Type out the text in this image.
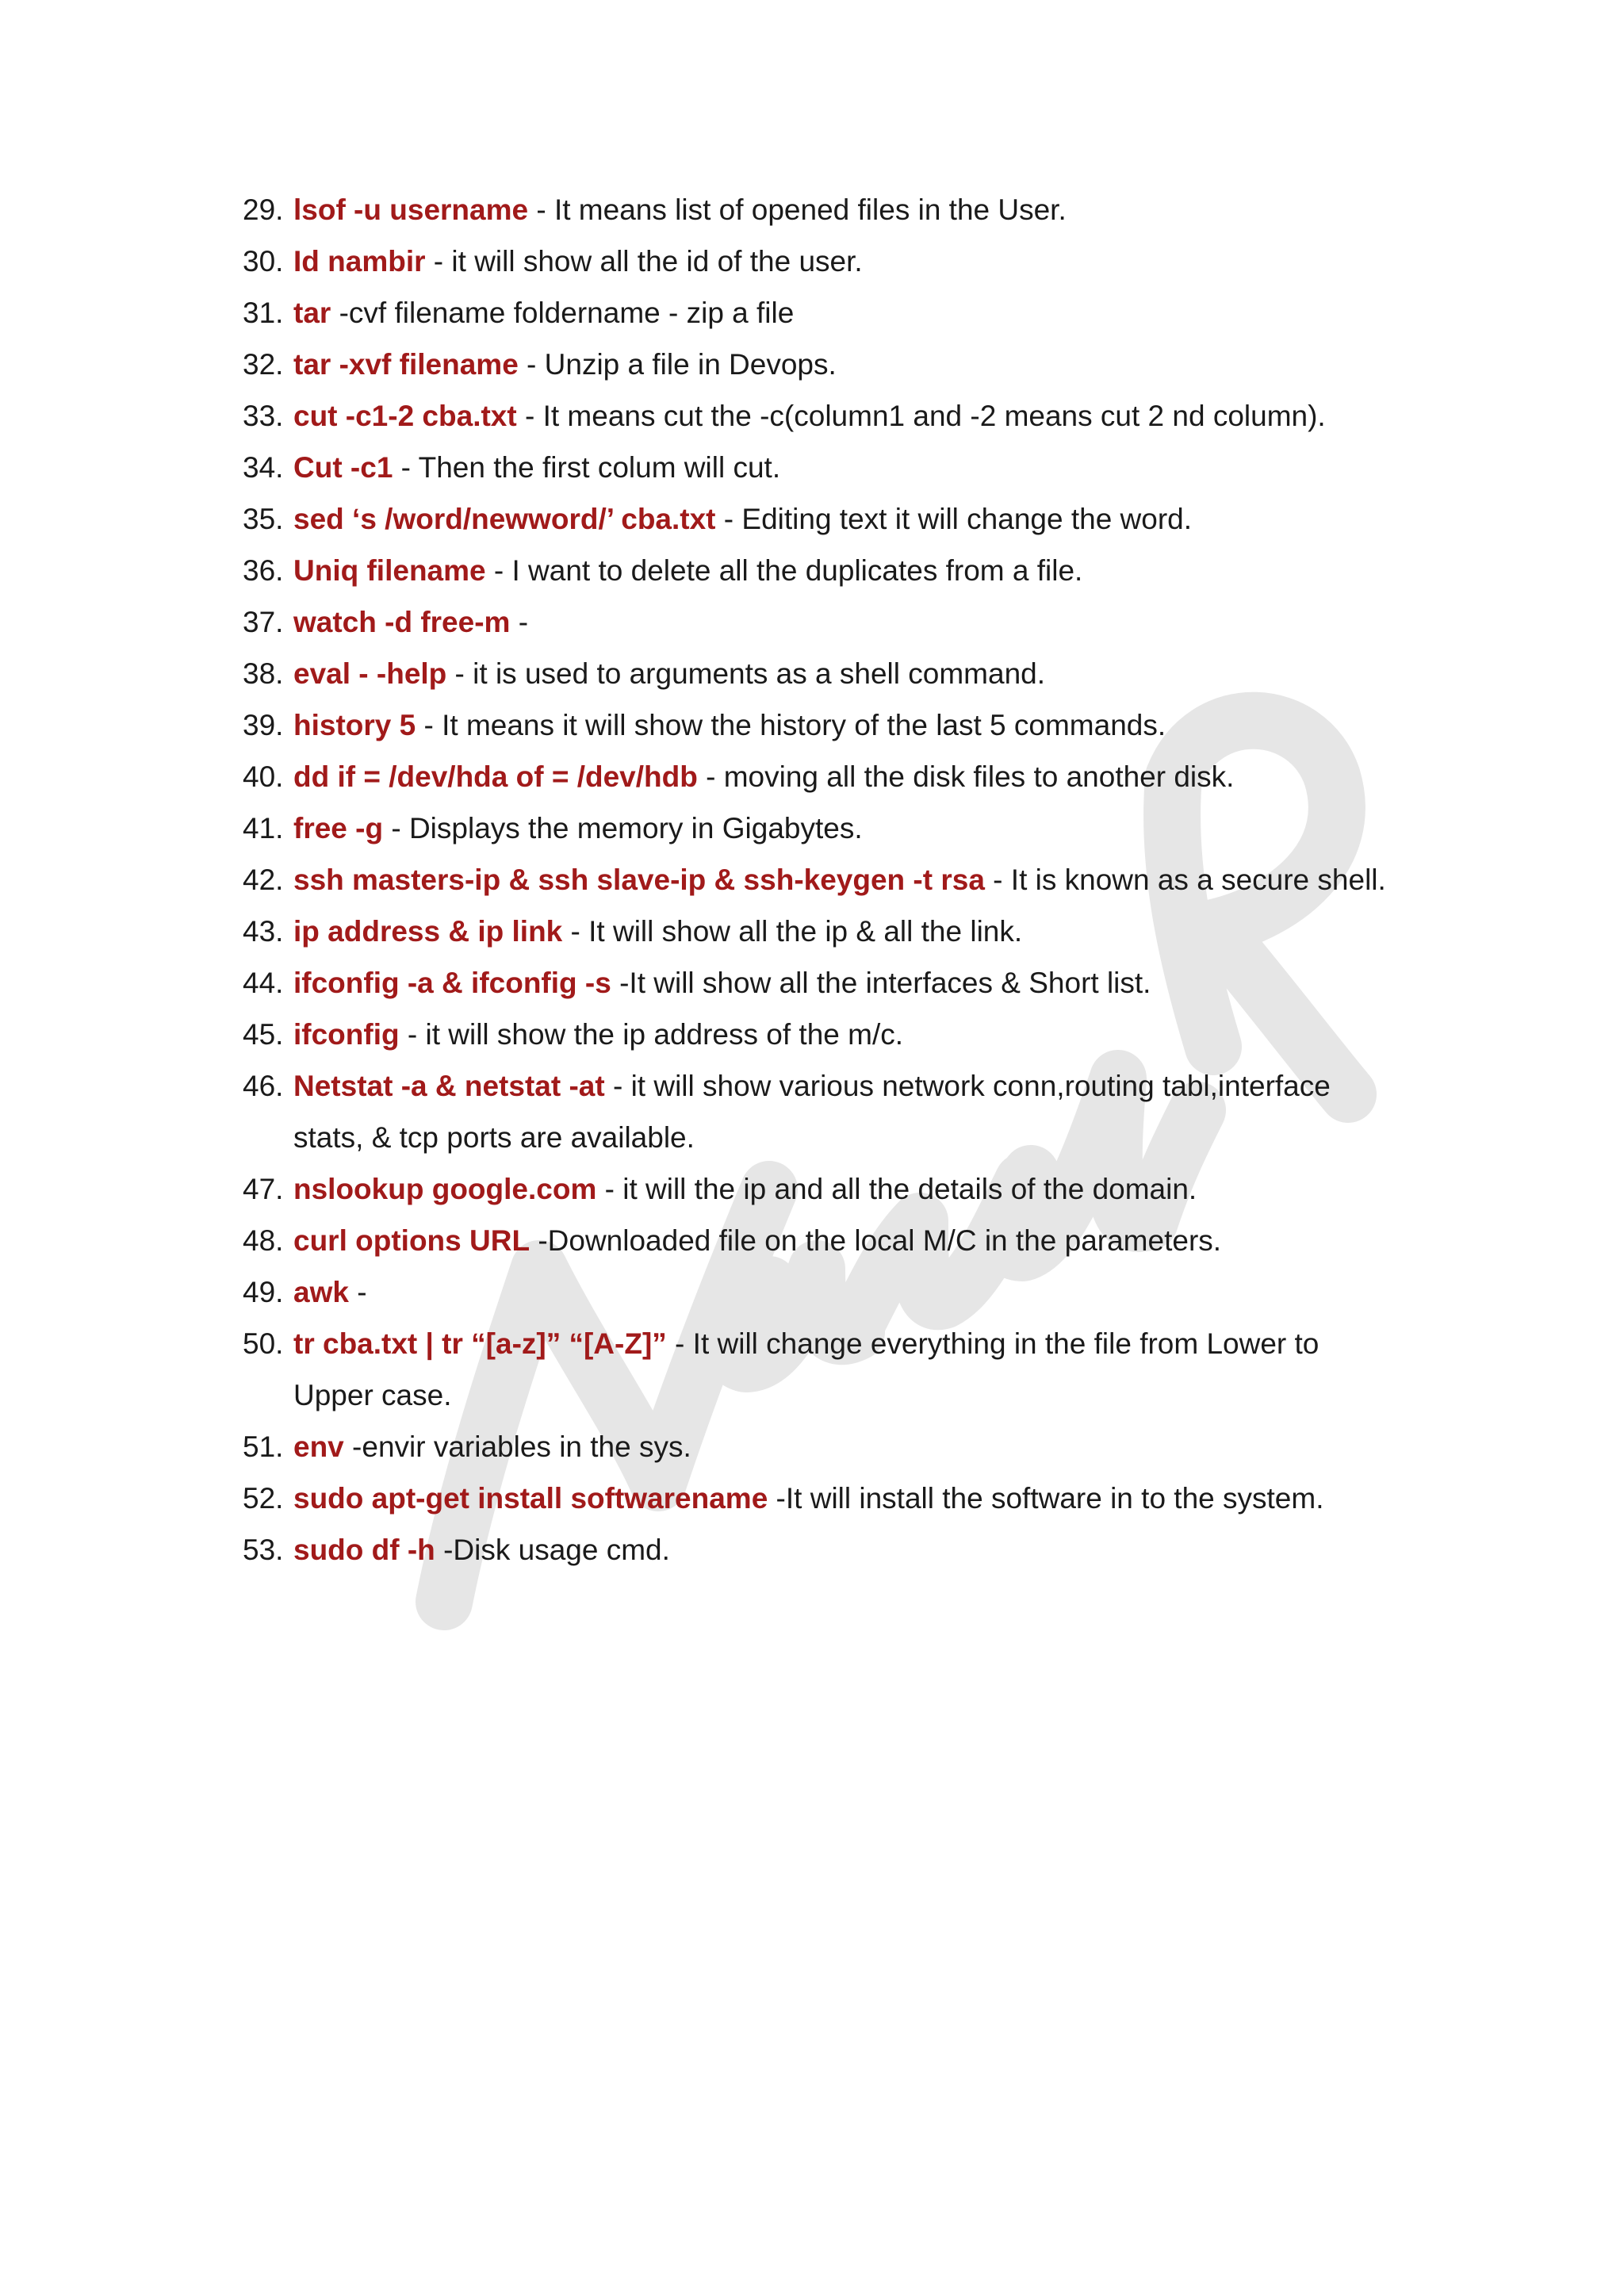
29. lsof -u username - It means list of opened files in the User.
30. Id nambir - it will show all the id of the user.
31. tar -cvf filename foldername - zip a file
32. tar -xvf filename - Unzip a file in Devops.
33. cut -c1-2 cba.txt - It means cut the -c(column1 and -2 means cut 2 nd column).
34. Cut -c1 - Then the first colum will cut.
35. sed ‘s /word/newword/’ cba.txt - Editing text it will change the word.
36. Uniq filename - I want to delete all the duplicates from a file.
37. watch -d free-m -
38. eval - -help - it is used to arguments as a shell command.
39. history 5 - It means it will show the history of the last 5 commands.
40. dd if = /dev/hda of = /dev/hdb - moving all the disk files to another disk.
41. free -g - Displays the memory in Gigabytes.
42. ssh masters-ip & ssh slave-ip & ssh-keygen -t rsa - It is known as a secure shell.
43. ip address & ip link - It will show all the ip & all the link.
44. ifconfig -a & ifconfig -s -It will show all the interfaces & Short list.
45. ifconfig - it will show the ip address of the m/c.
46. Netstat -a & netstat -at - it will show various network conn,routing tabl,interface stats, & tcp ports are available.
47. nslookup google.com - it will the ip and all the details of the domain.
48. curl options URL -Downloaded file on the local M/C in the parameters.
49. awk -
50. tr cba.txt | tr “[a-z]” “[A-Z]” - It will change everything in the file from Lower to Upper case.
51. env -envir variables in the sys.
52. sudo apt-get install softwarename -It will install the software in to the system.
53. sudo df -h -Disk usage cmd.
